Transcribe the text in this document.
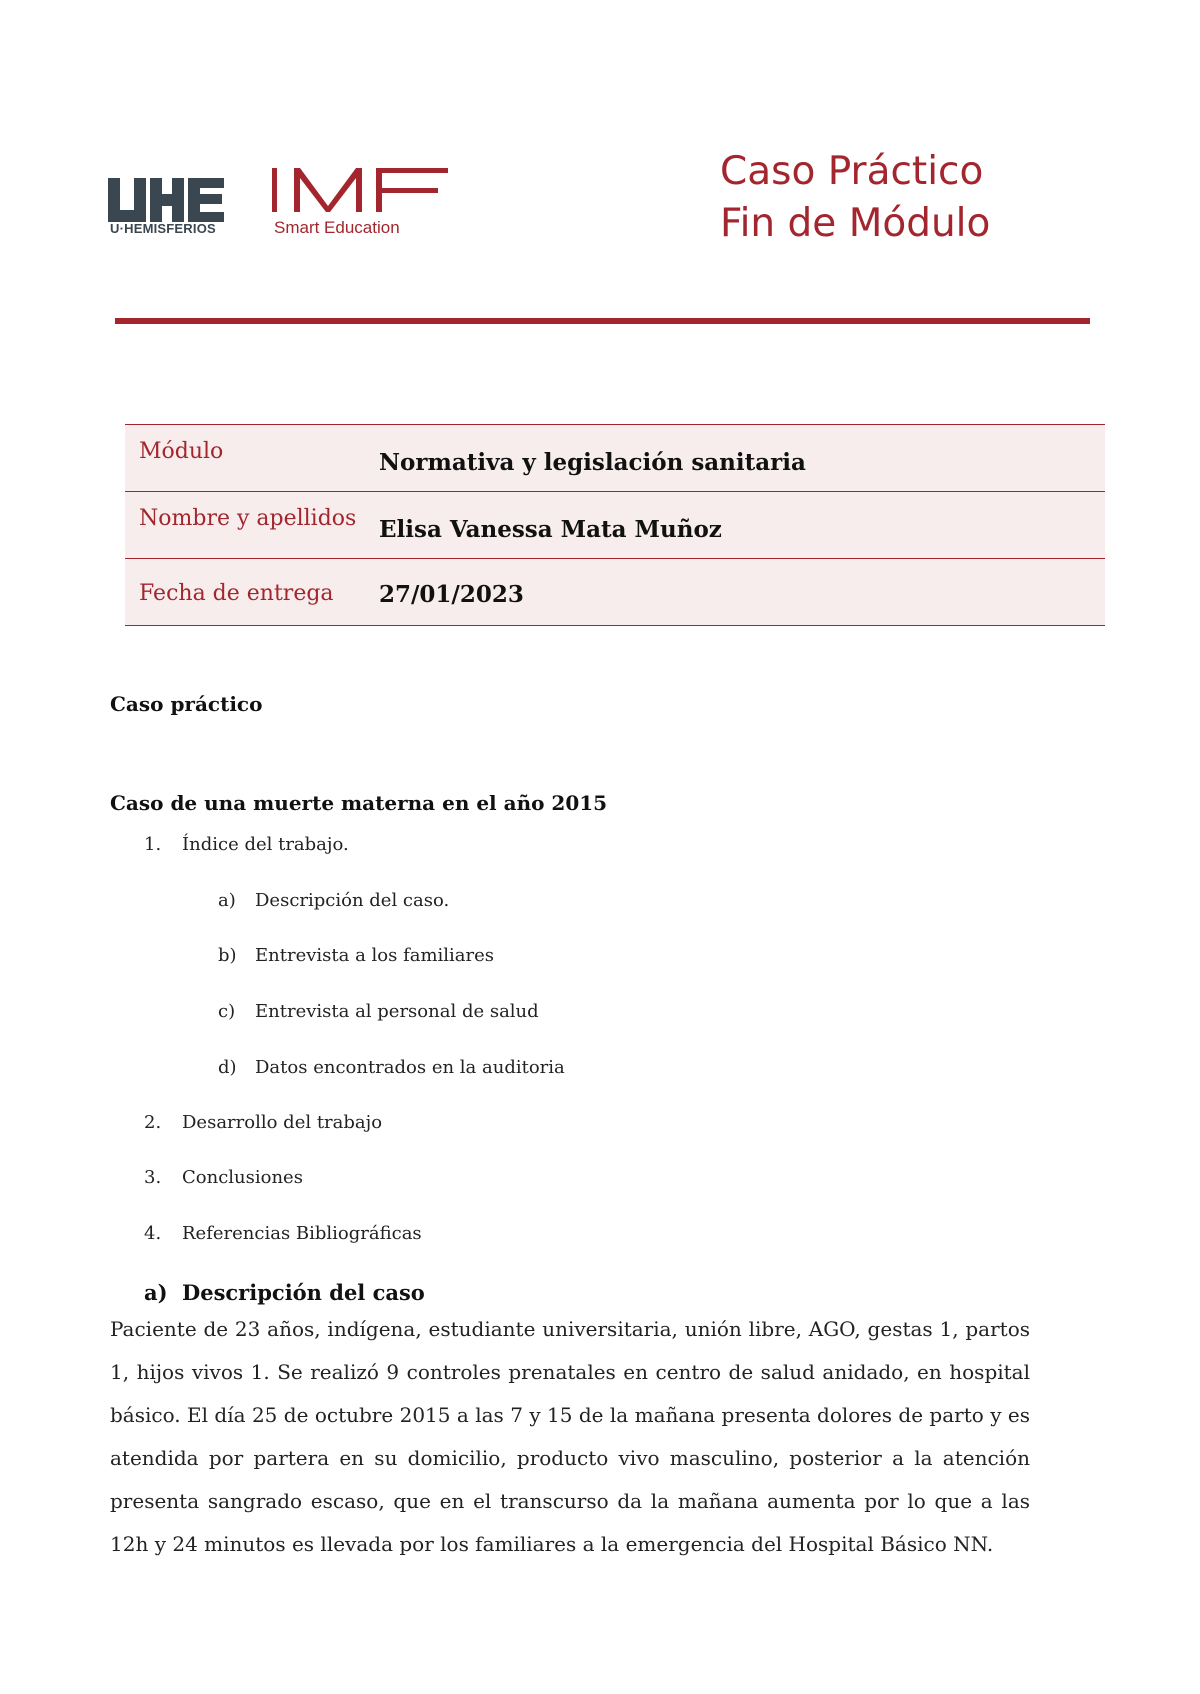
U·HEMISFERIOS	Smart Education
Caso Práctico
Fin de Módulo
Módulo	Normativa y legislación sanitaria
Nombre y apellidos Elisa Vanessa Mata Muñoz
Fecha de entrega 27/01/2023
Caso práctico
Caso de una muerte materna en el año 2015
1. Índice del trabajo.
a) Descripción del caso.
b) Entrevista a los familiares
c) Entrevista al personal de salud
d) Datos encontrados en la auditoria
2. Desarrollo del trabajo
3. Conclusiones
4. Referencias Bibliográficas
a) Descripción del caso
Paciente de 23 años, indígena, estudiante universitaria, unión libre, AGO, gestas 1, partos 1, hijos vivos 1. Se realizó 9 controles prenatales en centro de salud anidado, en hospital básico. El día 25 de octubre 2015 a las 7 y 15 de la mañana presenta dolores de parto y es atendida por partera en su domicilio, producto vivo masculino, posterior a la atención presenta sangrado escaso, que en el transcurso da la mañana aumenta por lo que a las 12h y 24 minutos es llevada por los familiares a la emergencia del Hospital Básico NN.
